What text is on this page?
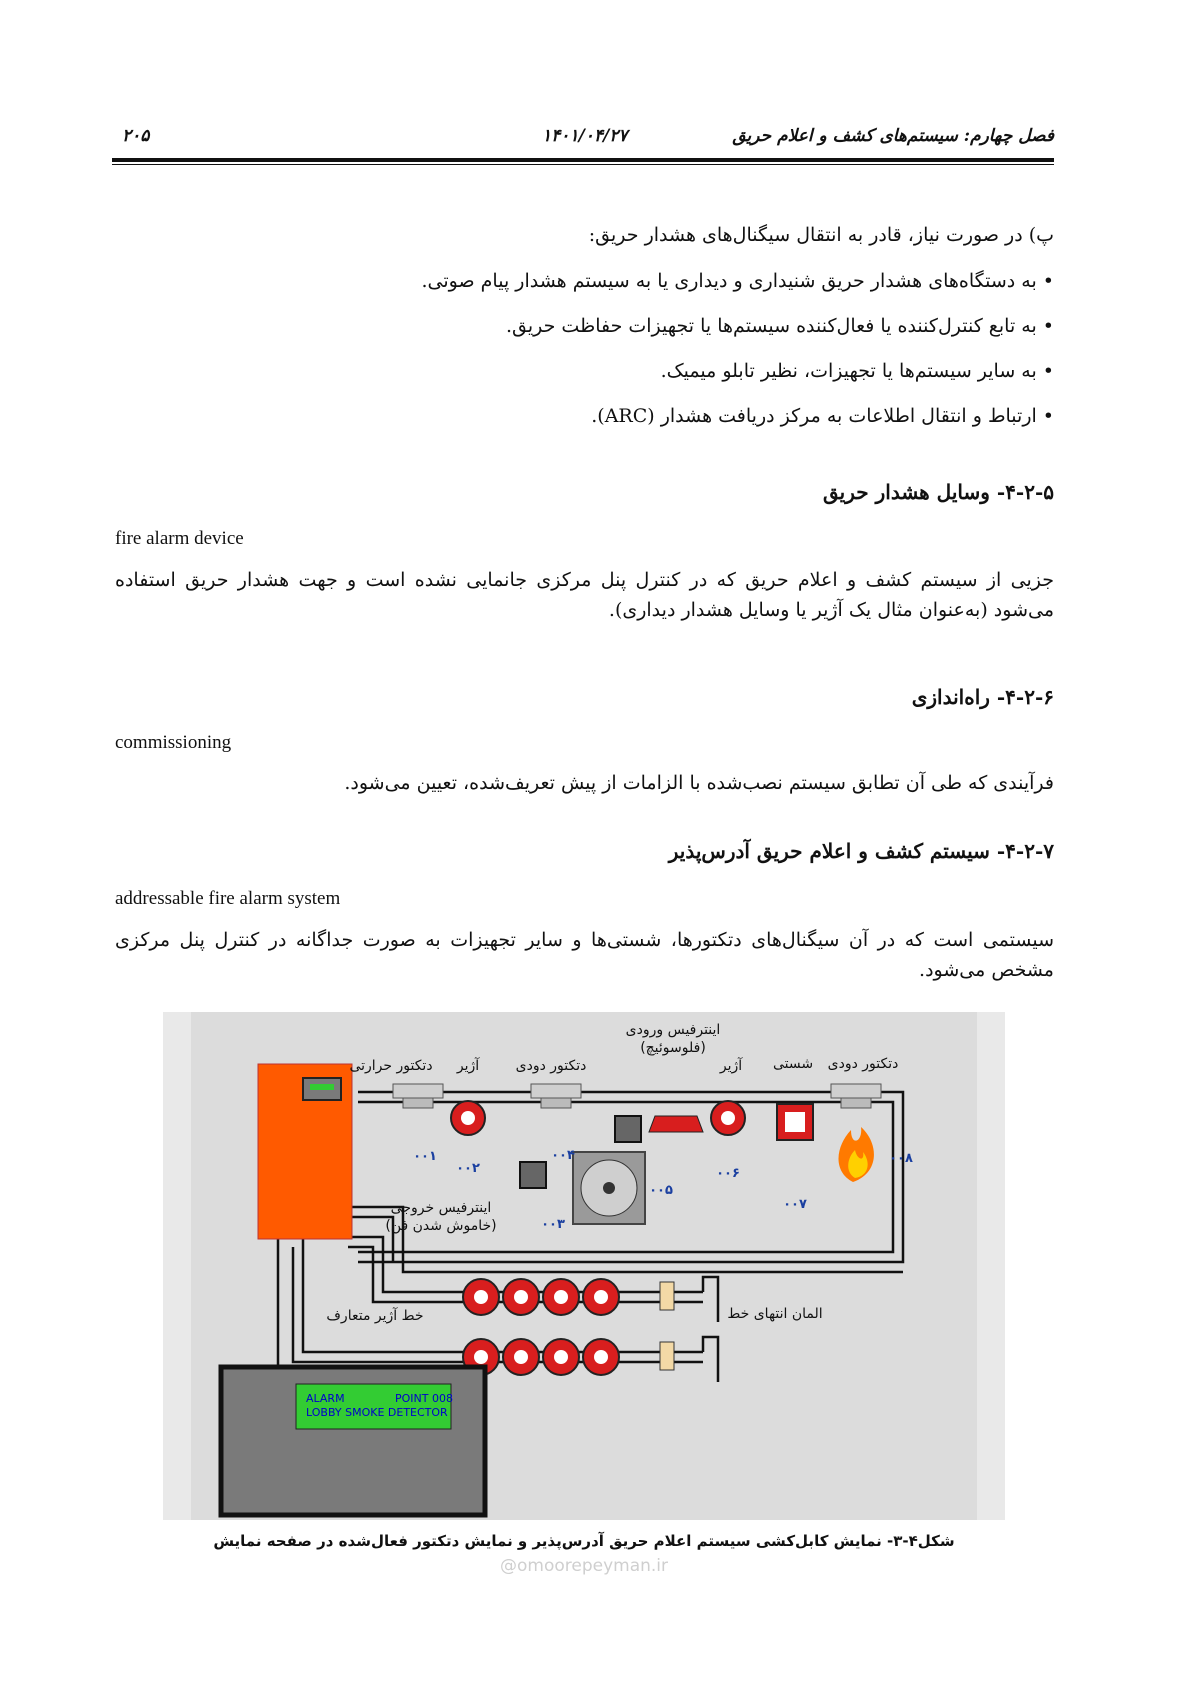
فصل چهارم: سیستم‌های کشف و اعلام حریق
۱۴۰۱/۰۴/۲۷
۲۰۵
پ) در صورت نیاز، قادر به انتقال سیگنال‌های هشدار حریق:
• به دستگاه‌های هشدار حریق شنیداری و دیداری یا به سیستم هشدار پیام صوتی.
• به تابع کنترل‌کننده یا فعال‌کننده سیستم‌ها یا تجهیزات حفاظت حریق.
• به سایر سیستم‌ها یا تجهیزات، نظیر تابلو میمیک.
• ارتباط و انتقال اطلاعات به مرکز دریافت هشدار (ARC).
۴-۲-۵- وسایل هشدار حریق
fire alarm device
جزیی از سیستم کشف و اعلام حریق که در کنترل پنل مرکزی جانمایی نشده است و جهت هشدار حریق استفاده می‌شود (به‌عنوان مثال یک آژیر یا وسایل هشدار دیداری).
۴-۲-۶- راه‌اندازی
commissioning
فرآیندی که طی آن تطابق سیستم نصب‌شده با الزامات از پیش تعریف‌شده، تعیین می‌شود.
۴-۲-۷- سیستم کشف و اعلام حریق آدرس‌پذیر
addressable fire alarm system
سیستمی است که در آن سیگنال‌های دتکتورها، شستی‌ها و سایر تجهیزات به صورت جداگانه در کنترل پنل مرکزی مشخص می‌شود.
ALARM	POINT 008
LOBBY SMOKE DETECTOR
دتکتور حرارتی آژیر	دتکتور دودی
اینترفیس ورودی
(فلوسوئیچ)
آژیر شستی دتکتور دودی
اینترفیس خروجی
(خاموش شدن فن)
خط آژیر متعارف	المان انتهای خط
۰۰۱
۰۰۲
۰۰۳
۰۰۴
۰۰۵
۰۰۶
۰۰۷
۰۰۸
شکل۴-۳- نمایش کابل‌کشی سیستم اعلام حریق آدرس‌پذیر و نمایش دتکتور فعال‌شده در صفحه نمایش
@omoorepeyman.ir
